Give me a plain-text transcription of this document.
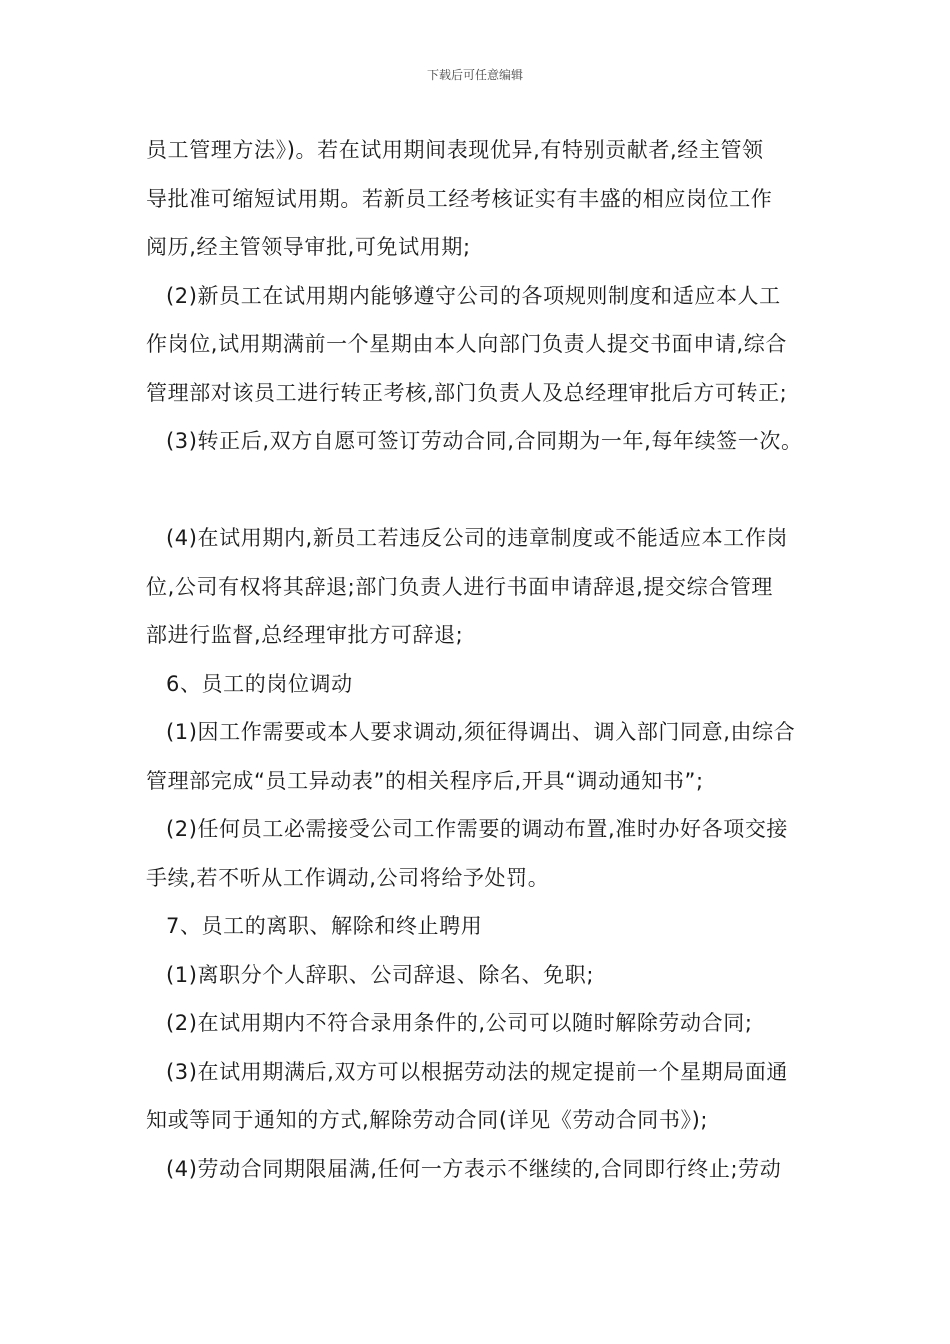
下载后可任意编辑
员工管理方法》)。若在试用期间表现优异,有特别贡献者,经主管领
导批准可缩短试用期。若新员工经考核证实有丰盛的相应岗位工作
阅历,经主管领导审批,可免试用期;
(2)新员工在试用期内能够遵守公司的各项规则制度和适应本人工
作岗位,试用期满前一个星期由本人向部门负责人提交书面申请,综合
管理部对该员工进行转正考核,部门负责人及总经理审批后方可转正;
(3)转正后,双方自愿可签订劳动合同,合同期为一年,每年续签一次。
(4)在试用期内,新员工若违反公司的违章制度或不能适应本工作岗
位,公司有权将其辞退;部门负责人进行书面申请辞退,提交综合管理
部进行监督,总经理审批方可辞退;
6、员工的岗位调动
(1)因工作需要或本人要求调动,须征得调出、调入部门同意,由综合
管理部完成“员工异动表”的相关程序后,开具“调动通知书”;
(2)任何员工必需接受公司工作需要的调动布置,准时办好各项交接
手续,若不听从工作调动,公司将给予处罚。
7、员工的离职、解除和终止聘用
(1)离职分个人辞职、公司辞退、除名、免职;
(2)在试用期内不符合录用条件的,公司可以随时解除劳动合同;
(3)在试用期满后,双方可以根据劳动法的规定提前一个星期局面通
知或等同于通知的方式,解除劳动合同(详见《劳动合同书》);
(4)劳动合同期限届满,任何一方表示不继续的,合同即行终止;劳动
